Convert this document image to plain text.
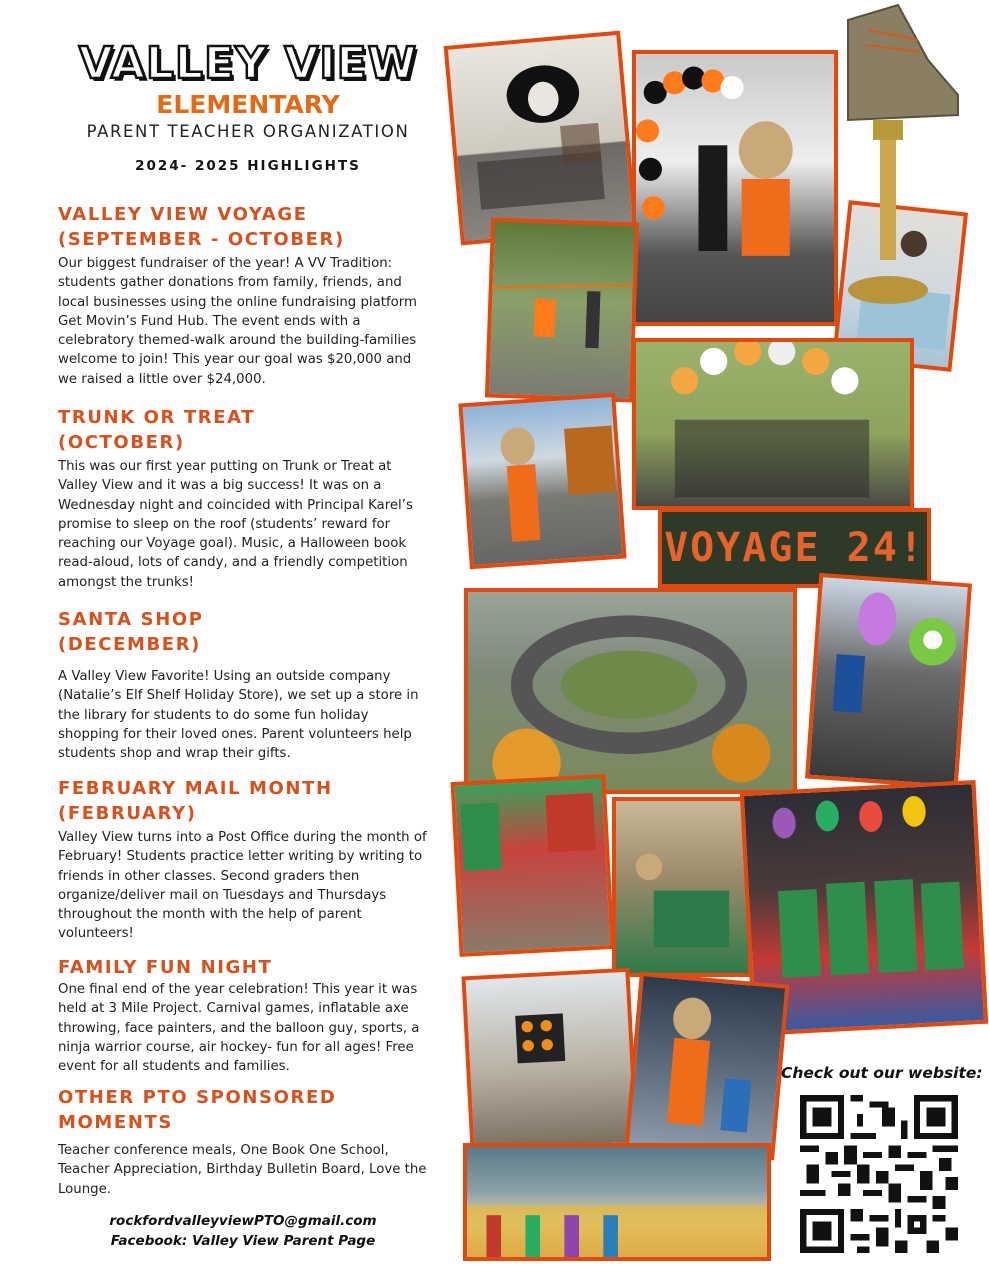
VALLEY VIEW
ELEMENTARY
PARENT TEACHER ORGANIZATION
2024- 2025 HIGHLIGHTS
VALLEY VIEW VOYAGE
(SEPTEMBER - OCTOBER)

Our biggest fundraiser of the year! A VV Tradition: students gather donations from family, friends, and local businesses using the online fundraising platform Get Movin’s Fund Hub. The event ends with a celebratory themed-walk around the building-families welcome to join! This year our goal was $20,000 and we raised a little over $24,000.

TRUNK OR TREAT
(OCTOBER)

This was our first year putting on Trunk or Treat at Valley View and it was a big success! It was on a Wednesday night and coincided with Principal Karel’s promise to sleep on the roof (students’ reward for reaching our Voyage goal). Music, a Halloween book read-aloud, lots of candy, and a friendly competition amongst the trunks!

SANTA SHOP
(DECEMBER)

A Valley View Favorite! Using an outside company (Natalie’s Elf Shelf Holiday Store), we set up a store in the library for students to do some fun holiday shopping for their loved ones. Parent volunteers help students shop and wrap their gifts.

FEBRUARY MAIL MONTH
(FEBRUARY)

Valley View turns into a Post Office during the month of February! Students practice letter writing by writing to friends in other classes. Second graders then organize/deliver mail on Tuesdays and Thursdays throughout the month with the help of parent volunteers!

FAMILY FUN NIGHT

One final end of the year celebration! This year it was held at 3 Mile Project. Carnival games, inflatable axe throwing, face painters, and the balloon guy, sports, a ninja warrior course, air hockey- fun for all ages! Free event for all students and families.

OTHER PTO SPONSORED MOMENTS

Teacher conference meals, One Book One School, Teacher Appreciation, Birthday Bulletin Board, Love the Lounge.

rockfordvalleyviewPTO@gmail.com
Facebook: Valley View Parent Page
VOYAGE 24!
Check out our website:
